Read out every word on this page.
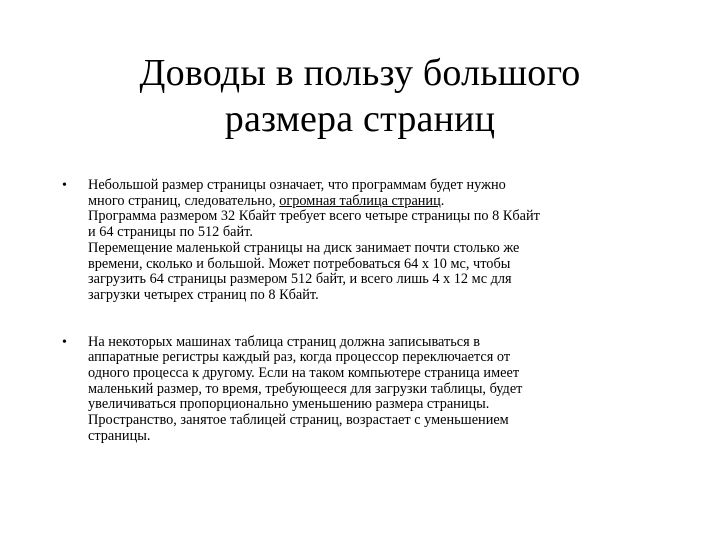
Доводы в пользу большого
размера страниц
• Небольшой размер страницы означает, что программам будет нужно
много страниц, следовательно, огромная таблица страниц.
Программа размером 32 Кбайт требует всего четыре страницы по 8 Кбайт
и 64 страницы по 512 байт.
Перемещение маленькой страницы на диск занимает почти столько же
времени, сколько и большой. Может потребоваться 64 х 10 мс, чтобы
загрузить 64 страницы размером 512 байт, и всего лишь 4 х 12 мс для
загрузки четырех страниц по 8 Кбайт.
• На некоторых машинах таблица страниц должна записываться в
аппаратные регистры каждый раз, когда процессор переключается от
одного процесса к другому. Если на таком компьютере страница имеет
маленький размер, то время, требующееся для загрузки таблицы, будет
увеличиваться пропорционально уменьшению размера страницы.
Пространство, занятое таблицей страниц, возрастает с уменьшением
страницы.
